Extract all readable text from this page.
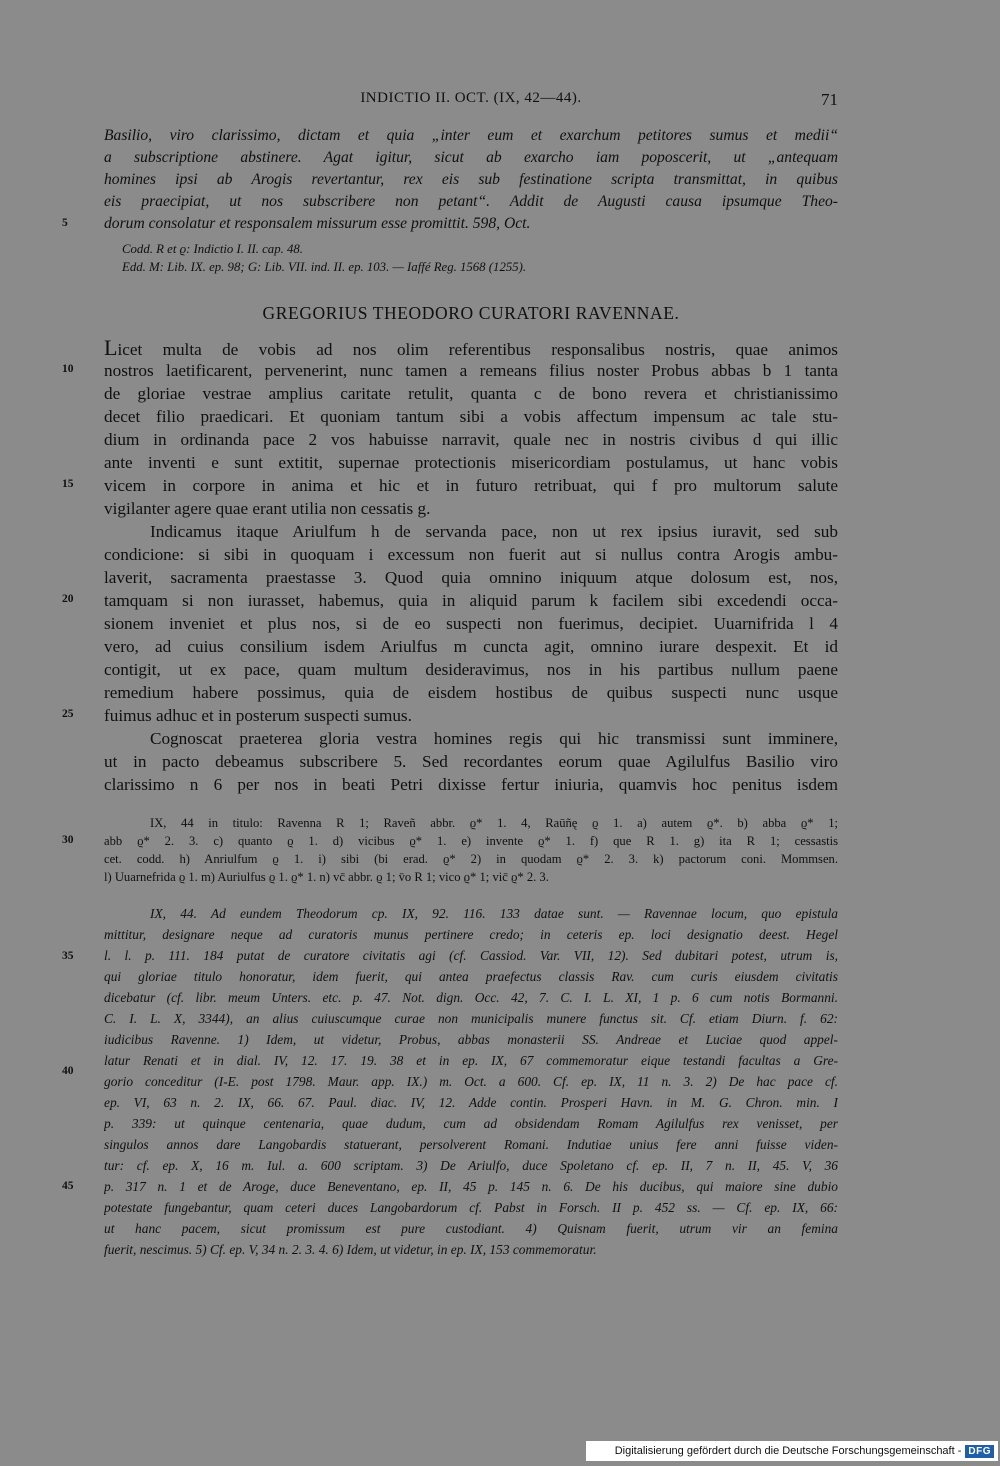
INDICTIO II. OCT. (IX, 42—44).	71
Basilio, viro clarissimo, dictam et quia „inter eum et exarchum petitores sumus et medii“
a subscriptione abstinere. Agat igitur, sicut ab exarcho iam poposcerit, ut „antequam
homines ipsi ab Arogis revertantur, rex eis sub festinatione scripta transmittat, in quibus
eis praecipiat, ut nos subscribere non petant“. Addit de Augusti causa ipsumque Theo-
dorum consolatur et responsalem missurum esse promittit. 598, Oct.
5
Codd. R et ϱ: Indictio I. II. cap. 48.
Edd. M: Lib. IX. ep. 98; G: Lib. VII. ind. II. ep. 103. — Iaffé Reg. 1568 (1255).
GREGORIUS THEODORO CURATORI RAVENNAE.
Licet multa de vobis ad nos olim referentibus responsalibus nostris, quae animos
nostros laetificarent, pervenerint, nunc tamen a remeans filius noster Probus abbas b 1 tanta
10
de gloriae vestrae amplius caritate retulit, quanta c de bono revera et christianissimo
decet filio praedicari. Et quoniam tantum sibi a vobis affectum impensum ac tale stu-
dium in ordinanda pace 2 vos habuisse narravit, quale nec in nostris civibus d qui illic
ante inventi e sunt extitit, supernae protectionis misericordiam postulamus, ut hanc vobis
vicem in corpore in anima et hic et in futuro retribuat, qui f pro multorum salute
15
vigilanter agere quae erant utilia non cessatis g.
Indicamus itaque Ariulfum h de servanda pace, non ut rex ipsius iuravit, sed sub
condicione: si sibi in quoquam i excessum non fuerit aut si nullus contra Arogis ambu-
laverit, sacramenta praestasse 3. Quod quia omnino iniquum atque dolosum est, nos,
tamquam si non iurasset, habemus, quia in aliquid parum k facilem sibi excedendi occa-
20
sionem inveniet et plus nos, si de eo suspecti non fuerimus, decipiet. Uuarnifrida l 4
vero, ad cuius consilium isdem Ariulfus m cuncta agit, omnino iurare despexit. Et id
contigit, ut ex pace, quam multum desideravimus, nos in his partibus nullum paene
remedium habere possimus, quia de eisdem hostibus de quibus suspecti nunc usque
fuimus adhuc et in posterum suspecti sumus.
25
Cognoscat praeterea gloria vestra homines regis qui hic transmissi sunt imminere,
ut in pacto debeamus subscribere 5. Sed recordantes eorum quae Agilulfus Basilio viro
clarissimo n 6 per nos in beati Petri dixisse fertur iniuria, quamvis hoc penitus isdem
IX, 44 in titulo: Ravenna R 1; Raveñ abbr. ϱ* 1. 4, Raūñę ϱ 1. a) autem ϱ*. b) abba ϱ* 1;
abb ϱ* 2. 3. c) quanto ϱ 1. d) vicibus ϱ* 1. e) invente ϱ* 1. f) que R 1. g) ita R 1; cessastis
30
cet. codd. h) Anriulfum ϱ 1. i) sibi (bi erad. ϱ* 2) in quodam ϱ* 2. 3. k) pactorum coni. Mommsen.
l) Uuarnefrida ϱ 1. m) Auriulfus ϱ 1. ϱ* 1. n) vc̄ abbr. ϱ 1; v̄o R 1; vico ϱ* 1; vic̄ ϱ* 2. 3.
IX, 44. Ad eundem Theodorum cp. IX, 92. 116. 133 datae sunt. — Ravennae locum, quo epistula
mittitur, designare neque ad curatoris munus pertinere credo; in ceteris ep. loci designatio deest. Hegel
l. l. p. 111. 184 putat de curatore civitatis agi (cf. Cassiod. Var. VII, 12). Sed dubitari potest, utrum is,
35
qui gloriae titulo honoratur, idem fuerit, qui antea praefectus classis Rav. cum curis eiusdem civitatis
dicebatur (cf. libr. meum Unters. etc. p. 47. Not. dign. Occ. 42, 7. C. I. L. XI, 1 p. 6 cum notis Bormanni.
C. I. L. X, 3344), an alius cuiuscumque curae non municipalis munere functus sit. Cf. etiam Diurn. f. 62:
iudicibus Ravenne. 1) Idem, ut videtur, Probus, abbas monasterii SS. Andreae et Luciae quod appel-
latur Renati et in dial. IV, 12. 17. 19. 38 et in ep. IX, 67 commemoratur eique testandi facultas a Gre-
40
gorio conceditur (I-E. post 1798. Maur. app. IX.) m. Oct. a 600. Cf. ep. IX, 11 n. 3. 2) De hac pace cf.
ep. VI, 63 n. 2. IX, 66. 67. Paul. diac. IV, 12. Adde contin. Prosperi Havn. in M. G. Chron. min. I
p. 339: ut quinque centenaria, quae dudum, cum ad obsidendam Romam Agilulfus rex venisset, per
singulos annos dare Langobardis statuerant, persolverent Romani. Indutiae unius fere anni fuisse viden-
tur: cf. ep. X, 16 m. Iul. a. 600 scriptam. 3) De Ariulfo, duce Spoletano cf. ep. II, 7 n. II, 45. V, 36
45	p. 317 n. 1 et de Aroge, duce Beneventano, ep. II, 45 p. 145 n. 6. De his ducibus, qui maiore sine dubio
potestate fungebantur, quam ceteri duces Langobardorum cf. Pabst in Forsch. II p. 452 ss. — Cf. ep. IX, 66:
ut hanc pacem, sicut promissum est pure custodiant. 4) Quisnam fuerit, utrum vir an femina
fuerit, nescimus. 5) Cf. ep. V, 34 n. 2. 3. 4. 6) Idem, ut videtur, in ep. IX, 153 commemoratur.
Digitalisierung gefördert durch die Deutsche Forschungsgemeinschaft - DFG
